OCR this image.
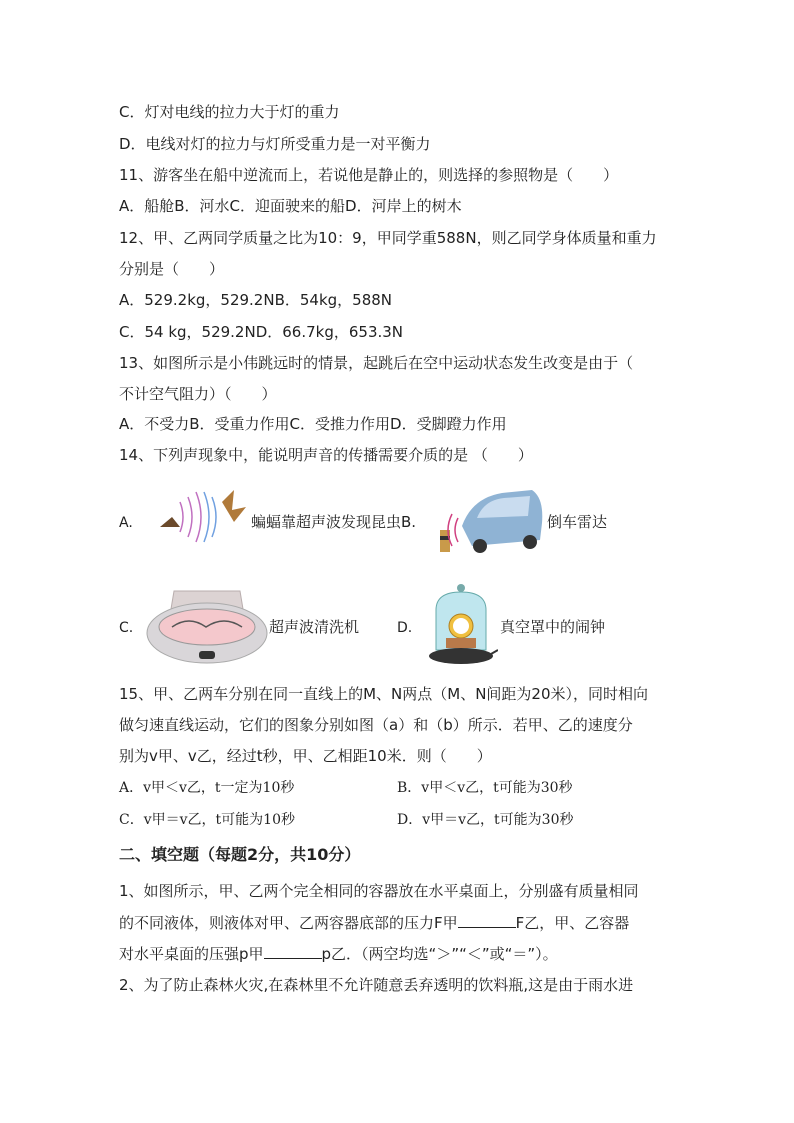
C．灯对电线的拉力大于灯的重力
D．电线对灯的拉力与灯所受重力是一对平衡力
11、游客坐在船中逆流而上，若说他是静止的，则选择的参照物是（　　）
A．船舱B．河水C．迎面驶来的船D．河岸上的树木
12、甲、乙两同学质量之比为10：9，甲同学重588N，则乙同学身体质量和重力
分别是（　　）
A．529.2kg，529.2NB．54kg，588N
C．54 kg，529.2ND．66.7kg，653.3N
13、如图所示是小伟跳远时的情景，起跳后在空中运动状态发生改变是由于（
不计空气阻力）（　　）
A．不受力B．受重力作用C．受推力作用D．受脚蹬力作用
14、下列声现象中，能说明声音的传播需要介质的是 （　　）
A.	蝙蝠靠超声波发现昆虫B.	倒车雷达
C.	超声波清洗机	D.	真空罩中的闹钟
15、甲、乙两车分别在同一直线上的M、N两点（M、N间距为20米），同时相向
做匀速直线运动，它们的图象分别如图（a）和（b）所示．若甲、乙的速度分
别为v甲、v乙，经过t秒，甲、乙相距10米．则（　　）
A．v甲＜v乙，t一定为10秒	B．v甲＜v乙，t可能为30秒
C．v甲＝v乙，t可能为10秒	D．v甲＝v乙，t可能为30秒
二、填空题（每题2分，共10分）
1、如图所示，甲、乙两个完全相同的容器放在水平桌面上，分别盛有质量相同
的不同液体，则液体对甲、乙两容器底部的压力F甲	F乙，甲、乙容器
对水平桌面的压强p甲	p乙．（两空均选“＞”“＜”或“＝”）。
2、为了防止森林火灾,在森林里不允许随意丢弃透明的饮料瓶,这是由于雨水进
